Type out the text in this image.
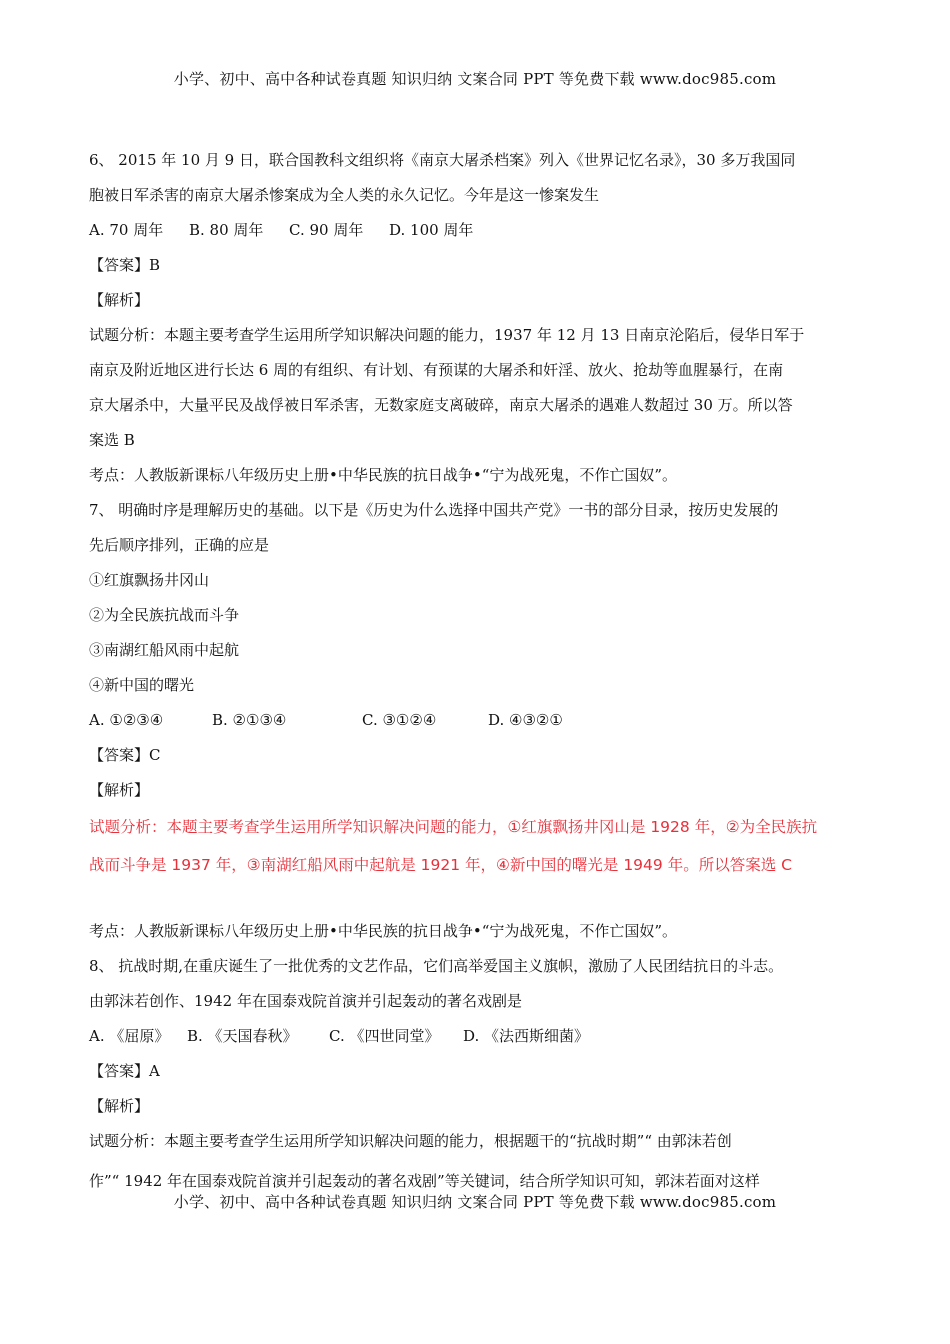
小学、初中、高中各种试卷真题 知识归纳 文案合同 PPT 等免费下载 www.doc985.com
6、 2015 年 10 月 9 日，联合国教科文组织将《南京大屠杀档案》列入《世界记忆名录》，30 多万我国同
胞被日军杀害的南京大屠杀惨案成为全人类的永久记忆。今年是这一惨案发生
A. 70 周年 B. 80 周年 C. 90 周年 D. 100 周年
【答案】B
【解析】
试题分析：本题主要考查学生运用所学知识解决问题的能力，1937 年 12 月 13 日南京沦陷后，侵华日军于
南京及附近地区进行长达 6 周的有组织、有计划、有预谋的大屠杀和奸淫、放火、抢劫等血腥暴行，在南
京大屠杀中，大量平民及战俘被日军杀害，无数家庭支离破碎，南京大屠杀的遇难人数超过 30 万。所以答
案选 B
考点：人教版新课标八年级历史上册•中华民族的抗日战争•“宁为战死鬼，不作亡国奴”。
7、 明确时序是理解历史的基础。以下是《历史为什么选择中国共产党》一书的部分目录，按历史发展的
先后顺序排列，正确的应是
①红旗飘扬井冈山
②为全民族抗战而斗争
③南湖红船风雨中起航
④新中国的曙光
A. ①②③④	B. ②①③④	C. ③①②④	D. ④③②①
【答案】C
【解析】
试题分析：本题主要考查学生运用所学知识解决问题的能力，①红旗飘扬井冈山是 1928 年，②为全民族抗
战而斗争是 1937 年，③南湖红船风雨中起航是 1921 年，④新中国的曙光是 1949 年。所以答案选 C
考点：人教版新课标八年级历史上册•中华民族的抗日战争•“宁为战死鬼，不作亡国奴”。
8、 抗战时期,在重庆诞生了一批优秀的文艺作品，它们高举爱国主义旗帜，激励了人民团结抗日的斗志。
由郭沫若创作、1942 年在国泰戏院首演并引起轰动的著名戏剧是
A. 《屈原》 B. 《天国春秋》 C. 《四世同堂》 D. 《法西斯细菌》
【答案】A
【解析】
试题分析：本题主要考查学生运用所学知识解决问题的能力，根据题干的“抗战时期”“ 由郭沫若创
作”“ 1942 年在国泰戏院首演并引起轰动的著名戏剧”等关键词，结合所学知识可知，郭沫若面对这样
小学、初中、高中各种试卷真题 知识归纳 文案合同 PPT 等免费下载 www.doc985.com
